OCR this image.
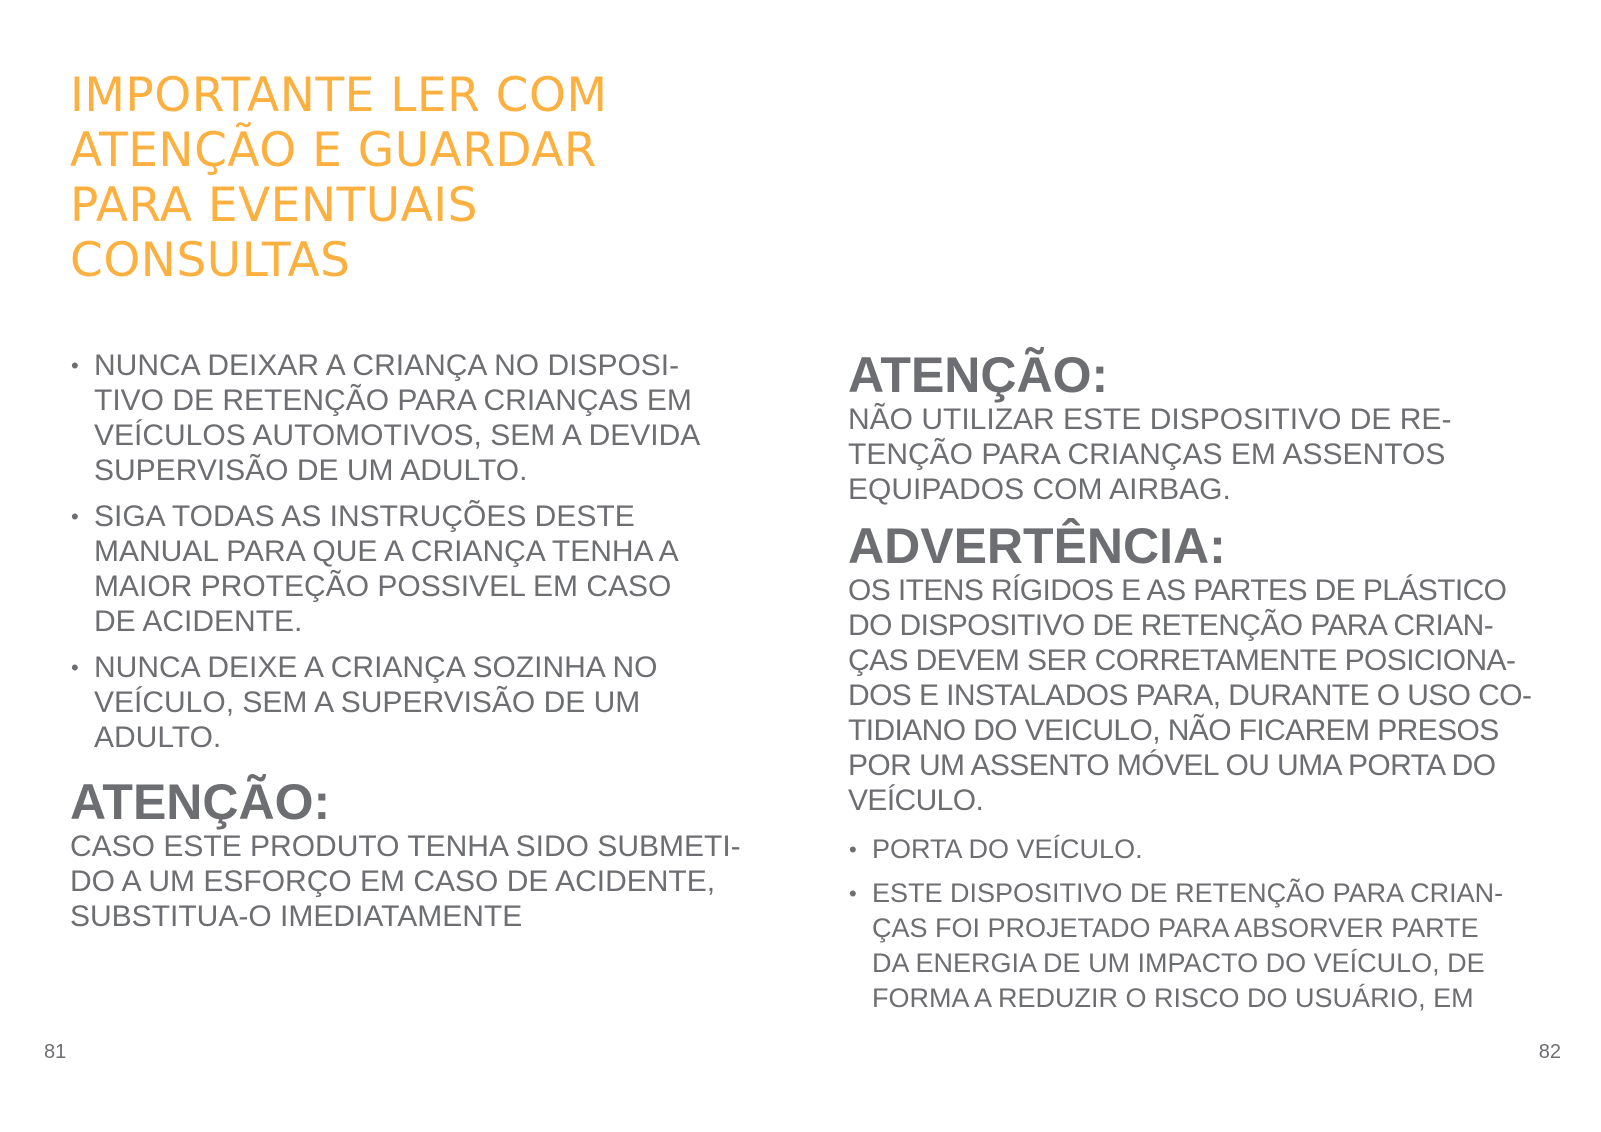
IMPORTANTE LER COM
ATENÇÃO E GUARDAR
PARA EVENTUAIS
CONSULTAS
• NUNCA DEIXAR A CRIANÇA NO DISPOSI-
TIVO DE RETENÇÃO PARA CRIANÇAS EM
VEÍCULOS AUTOMOTIVOS, SEM A DEVIDA
SUPERVISÃO DE UM ADULTO.
• SIGA TODAS AS INSTRUÇÕES DESTE
MANUAL PARA QUE A CRIANÇA TENHA A
MAIOR PROTEÇÃO POSSIVEL EM CASO
DE ACIDENTE.
• NUNCA DEIXE A CRIANÇA SOZINHA NO
VEÍCULO, SEM A SUPERVISÃO DE UM
ADULTO.
ATENÇÃO:

CASO ESTE PRODUTO TENHA SIDO SUBMETI-
DO A UM ESFORÇO EM CASO DE ACIDENTE,
SUBSTITUA-O IMEDIATAMENTE

ATENÇÃO:

NÃO UTILIZAR ESTE DISPOSITIVO DE RE-
TENÇÃO PARA CRIANÇAS EM ASSENTOS
EQUIPADOS COM AIRBAG.

ADVERTÊNCIA:

OS ITENS RÍGIDOS E AS PARTES DE PLÁSTICO
DO DISPOSITIVO DE RETENÇÃO PARA CRIAN-
ÇAS DEVEM SER CORRETAMENTE POSICIONA-
DOS E INSTALADOS PARA, DURANTE O USO CO-
TIDIANO DO VEICULO, NÃO FICAREM PRESOS
POR UM ASSENTO MÓVEL OU UMA PORTA DO
VEÍCULO.

• PORTA DO VEÍCULO.
• ESTE DISPOSITIVO DE RETENÇÃO PARA CRIAN-
ÇAS FOI PROJETADO PARA ABSORVER PARTE
DA ENERGIA DE UM IMPACTO DO VEÍCULO, DE
FORMA A REDUZIR O RISCO DO USUÁRIO, EM
81	82
